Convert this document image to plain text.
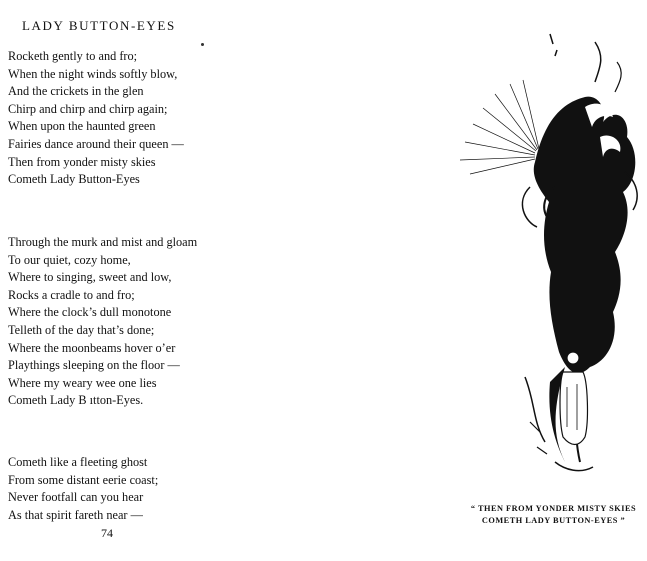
LADY BUTTON-EYES
Rocketh gently to and fro;
When the night winds softly blow,
And the crickets in the glen
Chirp and chirp and chirp again;
When upon the haunted green
Fairies dance around their queen —
Then from yonder misty skies
Cometh Lady Button-Eyes
Through the murk and mist and gloam
To our quiet, cozy home,
Where to singing, sweet and low,
Rocks a cradle to and fro;
Where the clock’s dull monotone
Telleth of the day that’s done;
Where the moonbeams hover o’er
Playthings sleeping on the floor —
Where my weary wee one lies
Cometh Lady B ıtton-Eyes.
Cometh like a fleeting ghost
From some distant eerie coast;
Never footfall can you hear
As that spirit fareth near —
74
“ THEN FROM YONDER MISTY SKIES
COMETH LADY BUTTON-EYES ”
